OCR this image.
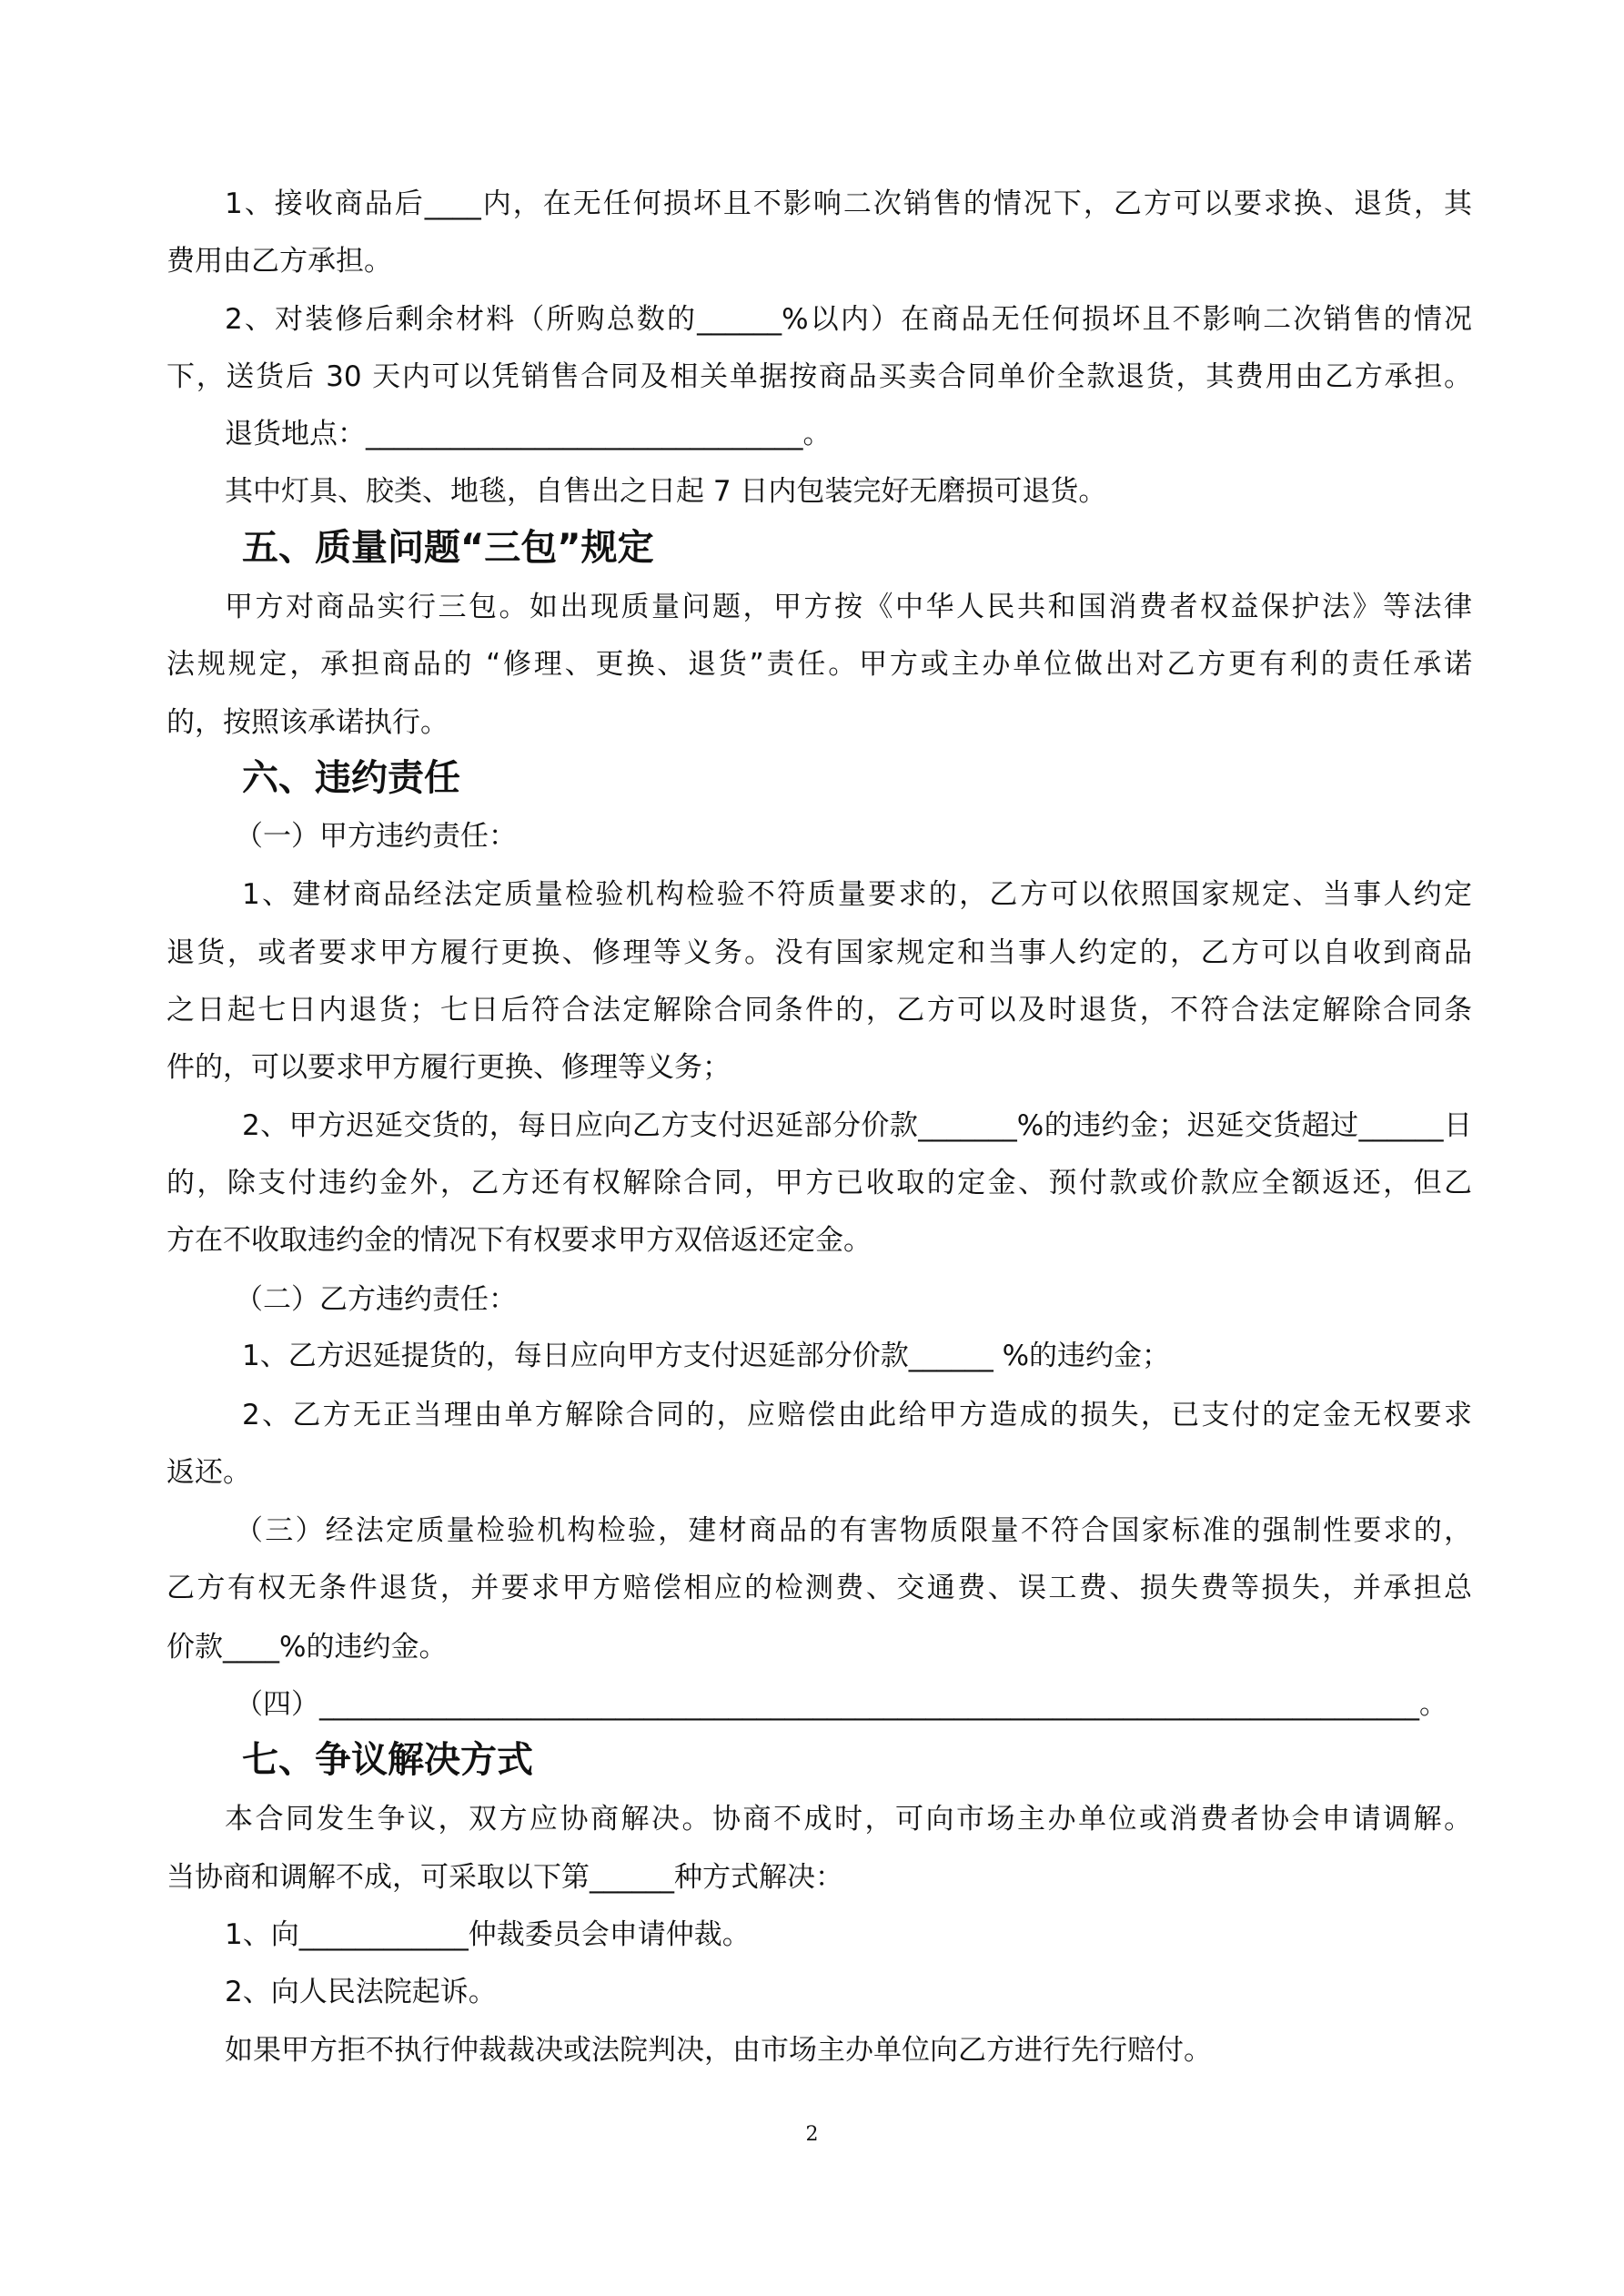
1、接收商品后____内，在无任何损坏且不影响二次销售的情况下，乙方可以要求换、退货，其
费用由乙方承担。
2、对装修后剩余材料（所购总数的______%以内）在商品无任何损坏且不影响二次销售的情况
下，送货后 30 天内可以凭销售合同及相关单据按商品买卖合同单价全款退货，其费用由乙方承担。
退货地点：_______________________________。
其中灯具、胶类、地毯，自售出之日起 7 日内包装完好无磨损可退货。
五、质量问题“三包”规定
甲方对商品实行三包。如出现质量问题，甲方按《中华人民共和国消费者权益保护法》等法律
法规规定，承担商品的 “修理、更换、退货”责任。甲方或主办单位做出对乙方更有利的责任承诺
的，按照该承诺执行。
六、违约责任
（一）甲方违约责任：
1、建材商品经法定质量检验机构检验不符质量要求的，乙方可以依照国家规定、当事人约定
退货，或者要求甲方履行更换、修理等义务。没有国家规定和当事人约定的，乙方可以自收到商品
之日起七日内退货；七日后符合法定解除合同条件的，乙方可以及时退货，不符合法定解除合同条
件的，可以要求甲方履行更换、修理等义务；
2、甲方迟延交货的，每日应向乙方支付迟延部分价款_______%的违约金；迟延交货超过______日
的，除支付违约金外，乙方还有权解除合同，甲方已收取的定金、预付款或价款应全额返还，但乙
方在不收取违约金的情况下有权要求甲方双倍返还定金。
（二）乙方违约责任：
1、乙方迟延提货的，每日应向甲方支付迟延部分价款______ %的违约金；
2、乙方无正当理由单方解除合同的，应赔偿由此给甲方造成的损失，已支付的定金无权要求
返还。
（三）经法定质量检验机构检验，建材商品的有害物质限量不符合国家标准的强制性要求的，
乙方有权无条件退货，并要求甲方赔偿相应的检测费、交通费、误工费、损失费等损失，并承担总
价款____%的违约金。
（四）______________________________________________________________________________。
七、争议解决方式
本合同发生争议，双方应协商解决。协商不成时，可向市场主办单位或消费者协会申请调解。
当协商和调解不成，可采取以下第______种方式解决：
1、向____________仲裁委员会申请仲裁。
2、向人民法院起诉。
如果甲方拒不执行仲裁裁决或法院判决，由市场主办单位向乙方进行先行赔付。
2
